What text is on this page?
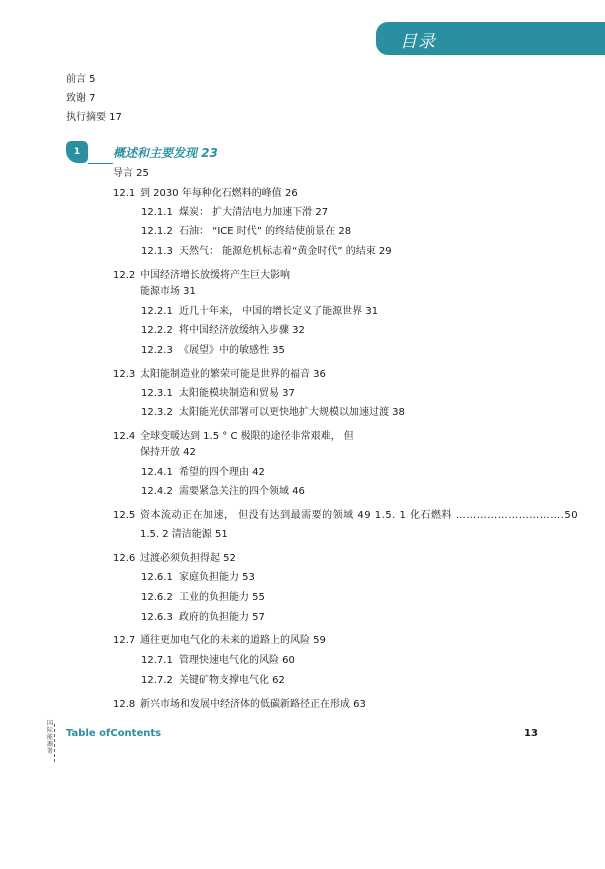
目录
前言 5
致谢 7
执行摘要 17
1	概述和主要发现 23
导言 25
12.1 到 2030 年每种化石燃料的峰值 26
12.1.1 煤炭： 扩大清洁电力加速下滑 27
12.1.2 石油： “ICE 时代” 的终结使前景在 28
12.1.3 天然气： 能源危机标志着“黄金时代” 的结束 29
12.2 中国经济增长放缓将产生巨大影响
能源市场 31
12.2.1 近几十年来， 中国的增长定义了能源世界 31
12.2.2 将中国经济放缓纳入步骤 32
12.2.3 《展望》中的敏感性 35
12.3 太阳能制造业的繁荣可能是世界的福音 36
12.3.1 太阳能模块制造和贸易 37
12.3.2 太阳能光伏部署可以更快地扩大规模以加速过渡 38
12.4 全球变暖达到 1.5 ° C 极限的途径非常艰难， 但
保持开放 42
12.4.1 希望的四个理由 42
12.4.2 需要紧急关注的四个领域 46
12.5 资本流动正在加速， 但没有达到最需要的领域 49 1.5. 1 化石燃料 ………………………….50
1.5. 2 清洁能源 51
12.6 过渡必须负担得起 52
12.6.1 家庭负担能力 53
12.6.2 工业的负担能力 55
12.6.3 政府的负担能力 57
12.7 通往更加电气化的未来的道路上的风险 59
12.7.1 管理快速电气化的风险 60
12.7.2 关键矿物支撑电气化 62
12.8 新兴市场和发展中经济体的低碳新路径正在形成 63
国际能源署
Table ofContents	13
